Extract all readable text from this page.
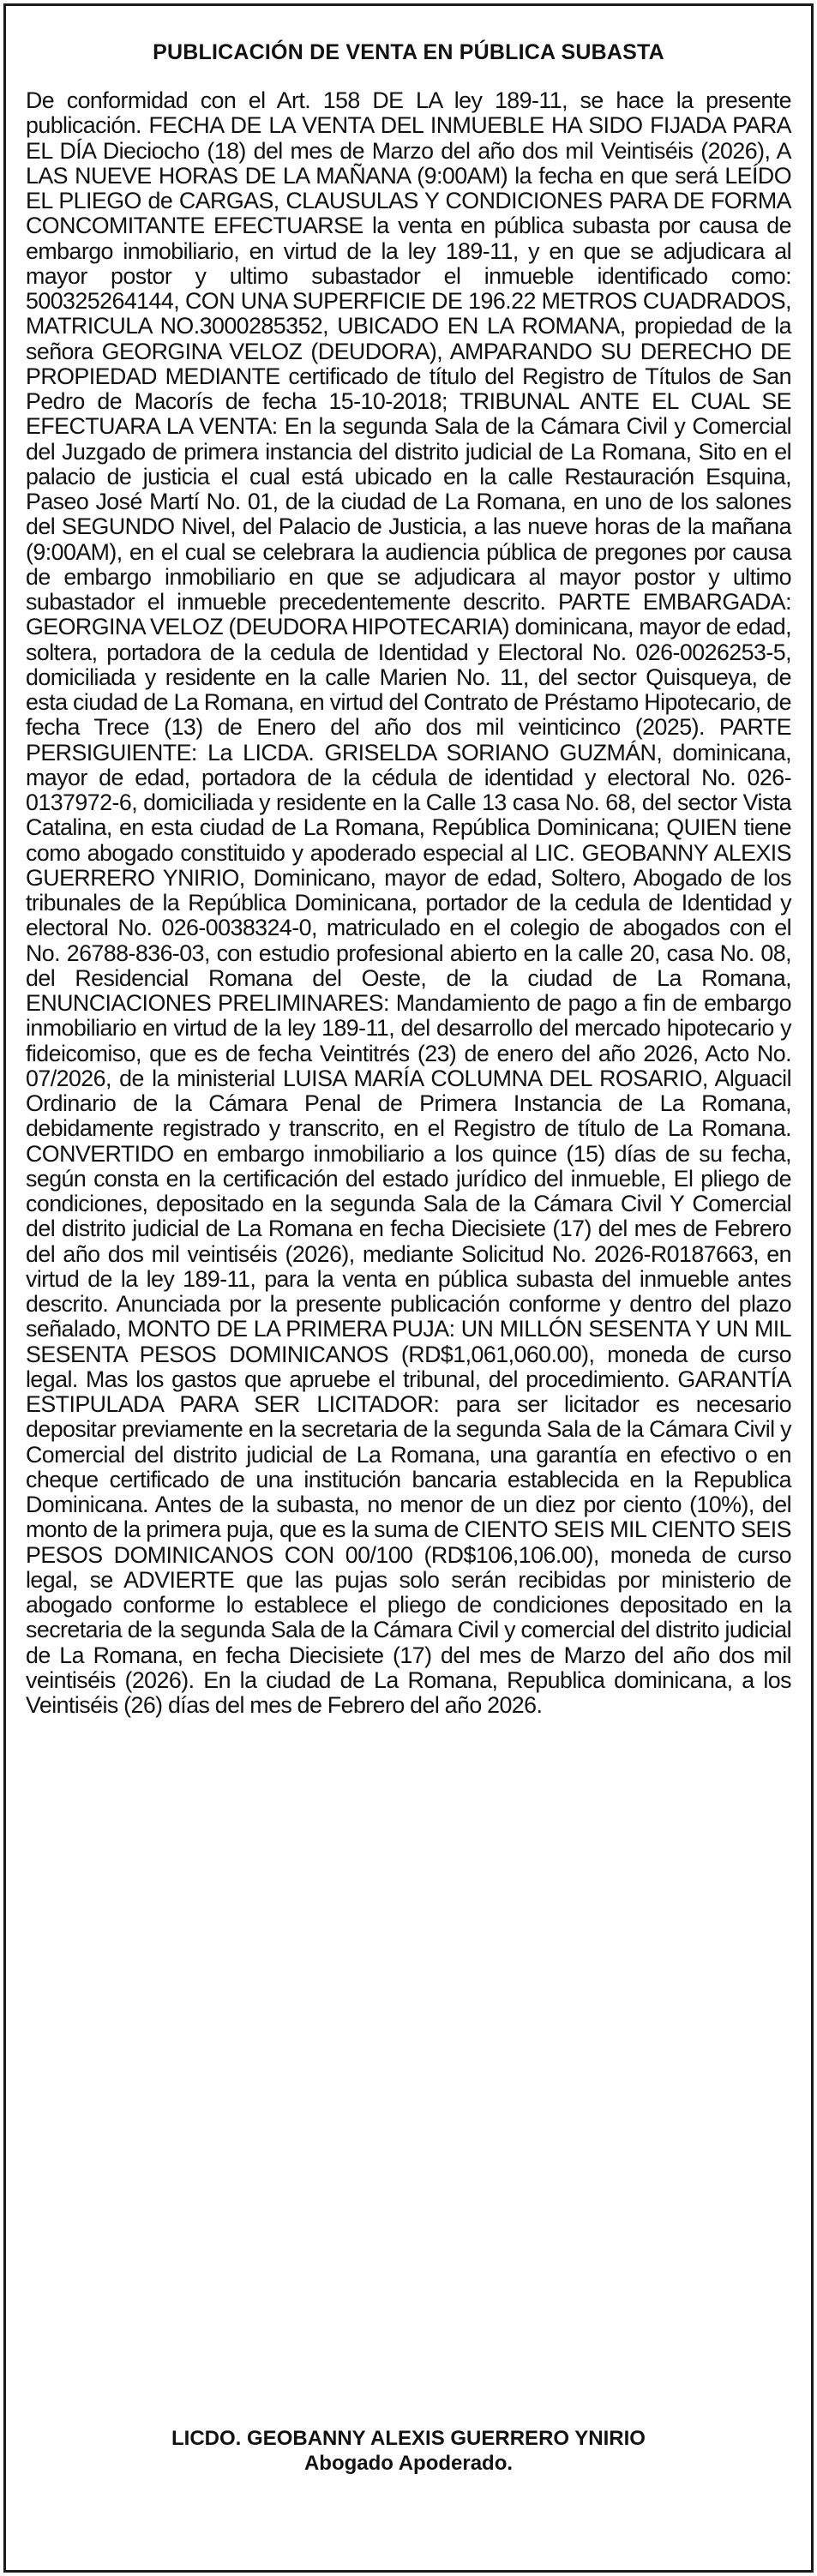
PUBLICACIÓN DE VENTA EN PÚBLICA SUBASTA

De conformidad con el Art. 158 DE LA ley 189-11, se hace la presente publicación. FECHA DE LA VENTA DEL INMUEBLE HA SIDO FIJADA PARA EL DÍA Dieciocho (18) del mes de Marzo del año dos mil Veintiséis (2026), A LAS NUEVE HORAS DE LA MAÑANA (9:00AM) la fecha en que será LEÍDO EL PLIEGO de CARGAS, CLAUSULAS Y CONDICIONES PARA DE FORMA CONCOMITANTE EFECTUARSE la venta en pública subasta por causa de embargo inmobiliario, en virtud de la ley 189-11, y en que se adjudicara al mayor postor y ultimo subastador el inmueble identificado como: 500325264144, CON UNA SUPERFICIE DE 196.22 METROS CUADRADOS, MATRICULA NO.3000285352, UBICADO EN LA ROMANA, propiedad de la señora GEORGINA VELOZ (DEUDORA), AMPARANDO SU DERECHO DE PROPIEDAD MEDIANTE certificado de título del Registro de Títulos de San Pedro de Macorís de fecha 15-10-2018; TRIBUNAL ANTE EL CUAL SE EFECTUARA LA VENTA: En la segunda Sala de la Cámara Civil y Comercial del Juzgado de primera instancia del distrito judicial de La Romana, Sito en el palacio de justicia el cual está ubicado en la calle Restauración Esquina, Paseo José Martí No. 01, de la ciudad de La Romana, en uno de los salones del SEGUNDO Nivel, del Palacio de Justicia, a las nueve horas de la mañana (9:00AM), en el cual se celebrara la audiencia pública de pregones por causa de embargo inmobiliario en que se adjudicara al mayor postor y ultimo subastador el inmueble precedentemente descrito. PARTE EMBARGADA: GEORGINA VELOZ (DEUDORA HIPOTECARIA) dominicana, mayor de edad, soltera, portadora de la cedula de Identidad y Electoral No. 026-0026253-5, domiciliada y residente en la calle Marien No. 11, del sector Quisqueya, de esta ciudad de La Romana, en virtud del Contrato de Préstamo Hipotecario, de fecha Trece (13) de Enero del año dos mil veinticinco (2025). PARTE PERSIGUIENTE: La LICDA. GRISELDA SORIANO GUZMÁN, dominicana, mayor de edad, portadora de la cédula de identidad y electoral No. 026-0137972-6, domiciliada y residente en la Calle 13 casa No. 68, del sector Vista Catalina, en esta ciudad de La Romana, República Dominicana; QUIEN tiene como abogado constituido y apoderado especial al LIC. GEOBANNY ALEXIS GUERRERO YNIRIO, Dominicano, mayor de edad, Soltero, Abogado de los tribunales de la República Dominicana, portador de la cedula de Identidad y electoral No. 026-0038324-0, matriculado en el colegio de abogados con el No. 26788-836-03, con estudio profesional abierto en la calle 20, casa No. 08, del Residencial Romana del Oeste, de la ciudad de La Romana, ENUNCIACIONES PRELIMINARES: Mandamiento de pago a fin de embargo inmobiliario en virtud de la ley 189-11, del desarrollo del mercado hipotecario y fideicomiso, que es de fecha Veintitrés (23) de enero del año 2026, Acto No. 07/2026, de la ministerial LUISA MARÍA COLUMNA DEL ROSARIO, Alguacil Ordinario de la Cámara Penal de Primera Instancia de La Romana, debidamente registrado y transcrito, en el Registro de título de La Romana. CONVERTIDO en embargo inmobiliario a los quince (15) días de su fecha, según consta en la certificación del estado jurídico del inmueble, El pliego de condiciones, depositado en la segunda Sala de la Cámara Civil Y Comercial del distrito judicial de La Romana en fecha Diecisiete (17) del mes de Febrero del año dos mil veintiséis (2026), mediante Solicitud No. 2026-R0187663, en virtud de la ley 189-11, para la venta en pública subasta del inmueble antes descrito. Anunciada por la presente publicación conforme y dentro del plazo señalado, MONTO DE LA PRIMERA PUJA: UN MILLÓN SESENTA Y UN MIL SESENTA PESOS DOMINICANOS (RD$1,061,060.00), moneda de curso legal. Mas los gastos que apruebe el tribunal, del procedimiento. GARANTÍA ESTIPULADA PARA SER LICITADOR: para ser licitador es necesario depositar previamente en la secretaria de la segunda Sala de la Cámara Civil y Comercial del distrito judicial de La Romana, una garantía en efectivo o en cheque certificado de una institución bancaria establecida en la Republica Dominicana. Antes de la subasta, no menor de un diez por ciento (10%), del monto de la primera puja, que es la suma de CIENTO SEIS MIL CIENTO SEIS PESOS DOMINICANOS CON 00/100 (RD$106,106.00), moneda de curso legal, se ADVIERTE que las pujas solo serán recibidas por ministerio de abogado conforme lo establece el pliego de condiciones depositado en la secretaria de la segunda Sala de la Cámara Civil y comercial del distrito judicial de La Romana, en fecha Diecisiete (17) del mes de Marzo del año dos mil veintiséis (2026). En la ciudad de La Romana, Republica dominicana, a los Veintiséis (26) días del mes de Febrero del año 2026.

LICDO. GEOBANNY ALEXIS GUERRERO YNIRIO
Abogado Apoderado.
